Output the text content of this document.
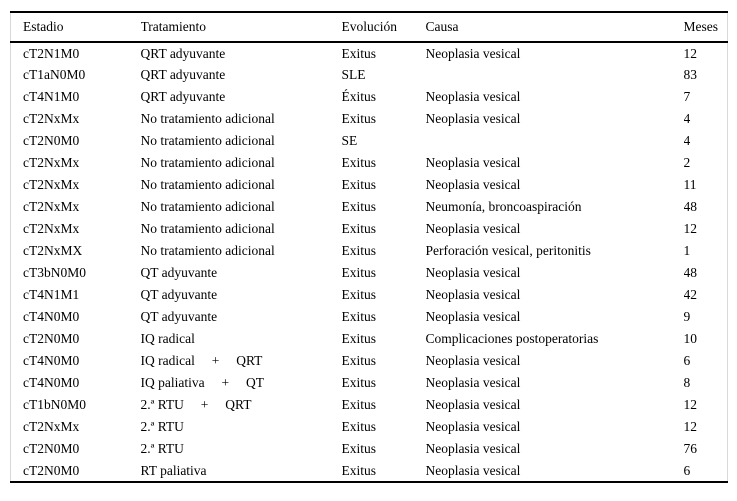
Estadio	Tratamiento	Evolución	Causa	Meses
cT2N1M0	QRT adyuvante	Exitus	Neoplasia vesical	12
cT1aN0M0	QRT adyuvante	SLE		83
cT4N1M0	QRT adyuvante	Éxitus	Neoplasia vesical	7
cT2NxMx	No tratamiento adicional	Exitus	Neoplasia vesical	4
cT2N0M0	No tratamiento adicional	SE		4
cT2NxMx	No tratamiento adicional	Exitus	Neoplasia vesical	2
cT2NxMx	No tratamiento adicional	Exitus	Neoplasia vesical	11
cT2NxMx	No tratamiento adicional	Exitus	Neumonía, broncoaspiración	48
cT2NxMx	No tratamiento adicional	Exitus	Neoplasia vesical	12
cT2NxMX	No tratamiento adicional	Exitus	Perforación vesical, peritonitis	1
cT3bN0M0	QT adyuvante	Exitus	Neoplasia vesical	48
cT4N1M1	QT adyuvante	Exitus	Neoplasia vesical	42
cT4N0M0	QT adyuvante	Exitus	Neoplasia vesical	9
cT2N0M0	IQ radical	Exitus	Complicaciones postoperatorias	10
cT4N0M0	IQ radical     +     QRT	Exitus	Neoplasia vesical	6
cT4N0M0	IQ paliativa     +     QT	Exitus	Neoplasia vesical	8
cT1bN0M0	2.ª RTU     +     QRT	Exitus	Neoplasia vesical	12
cT2NxMx	2.ª RTU	Exitus	Neoplasia vesical	12
cT2N0M0	2.ª RTU	Exitus	Neoplasia vesical	76
cT2N0M0	RT paliativa	Exitus	Neoplasia vesical	6
